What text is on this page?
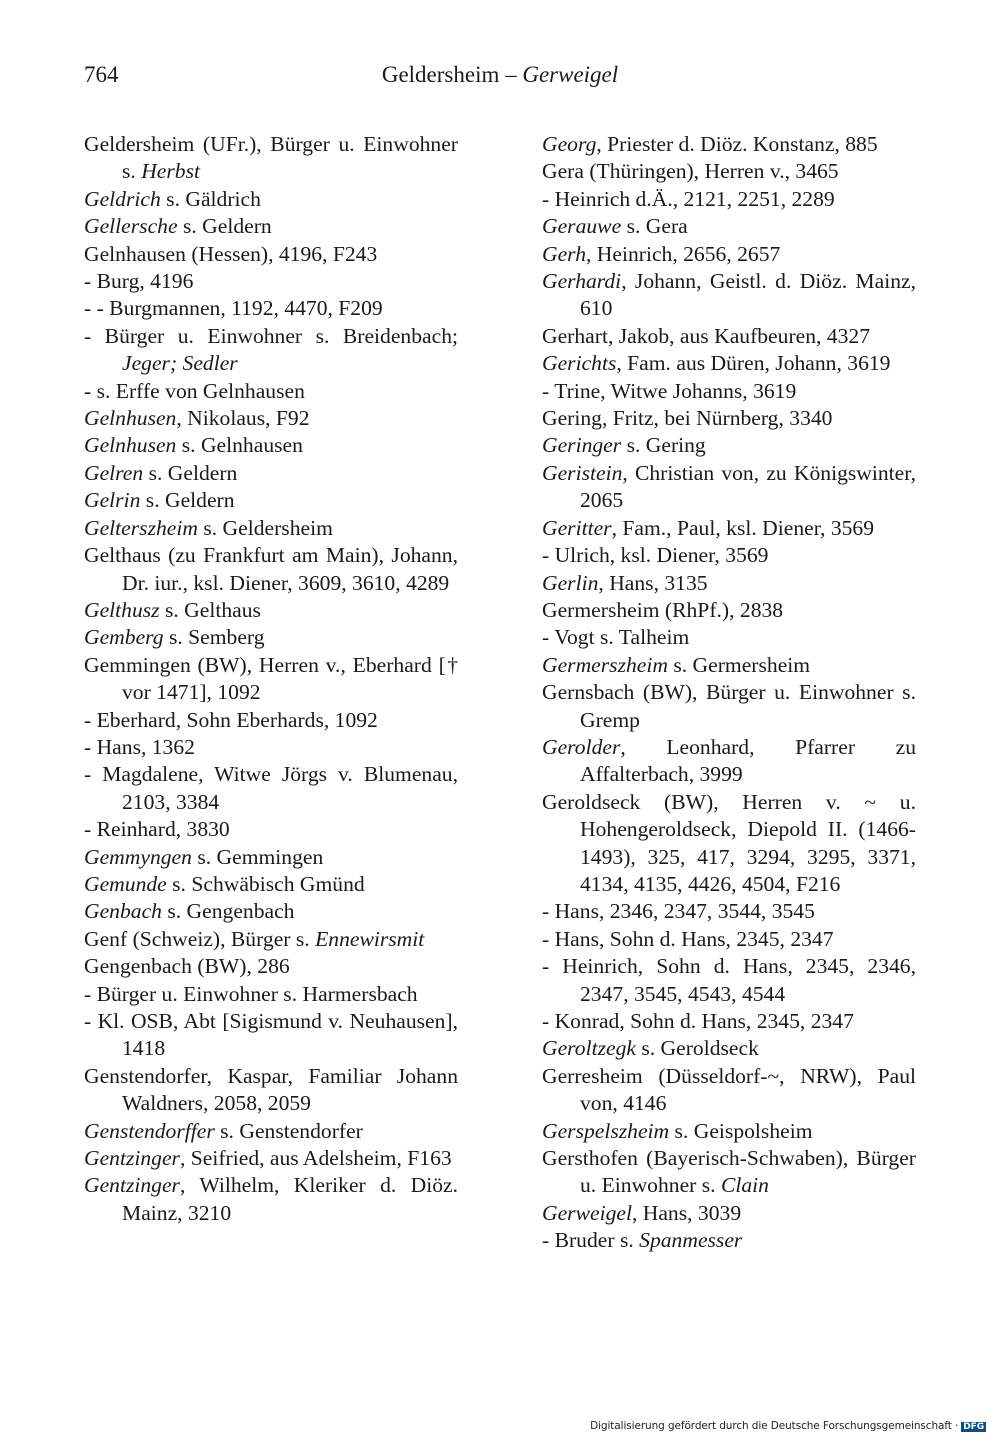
764	Geldersheim – Gerweigel

Geldersheim (UFr.), Bürger u. Einwohner s. Herbst

Geldrich s. Gäldrich

Gellersche s. Geldern

Gelnhausen (Hessen), 4196, F243

- Burg, 4196

- - Burgmannen, 1192, 4470, F209

- Bürger u. Einwohner s. Breidenbach; Jeger; Sedler

- s. Erffe von Gelnhausen

Gelnhusen, Nikolaus, F92

Gelnhusen s. Gelnhausen

Gelren s. Geldern

Gelrin s. Geldern

Gelterszheim s. Geldersheim

Gelthaus (zu Frankfurt am Main), Johann, Dr. iur., ksl. Diener, 3609, 3610, 4289

Gelthusz s. Gelthaus

Gemberg s. Semberg

Gemmingen (BW), Herren v., Eberhard [† vor 1471], 1092

- Eberhard, Sohn Eberhards, 1092

- Hans, 1362

- Magdalene, Witwe Jörgs v. Blumenau, 2103, 3384

- Reinhard, 3830

Gemmyngen s. Gemmingen

Gemunde s. Schwäbisch Gmünd

Genbach s. Gengenbach

Genf (Schweiz), Bürger s. Ennewirsmit

Gengenbach (BW), 286

- Bürger u. Einwohner s. Harmersbach

- Kl. OSB, Abt [Sigismund v. Neuhausen], 1418

Genstendorfer, Kaspar, Familiar Johann Waldners, 2058, 2059

Genstendorffer s. Genstendorfer

Gentzinger, Seifried, aus Adelsheim, F163

Gentzinger, Wilhelm, Kleriker d. Diöz. Mainz, 3210

Georg, Priester d. Diöz. Konstanz, 885

Gera (Thüringen), Herren v., 3465

- Heinrich d.Ä., 2121, 2251, 2289

Gerauwe s. Gera

Gerh, Heinrich, 2656, 2657

Gerhardi, Johann, Geistl. d. Diöz. Mainz, 610

Gerhart, Jakob, aus Kaufbeuren, 4327

Gerichts, Fam. aus Düren, Johann, 3619

- Trine, Witwe Johanns, 3619

Gering, Fritz, bei Nürnberg, 3340

Geringer s. Gering

Geristein, Christian von, zu Königswinter, 2065

Geritter, Fam., Paul, ksl. Diener, 3569

- Ulrich, ksl. Diener, 3569

Gerlin, Hans, 3135

Germersheim (RhPf.), 2838

- Vogt s. Talheim

Germerszheim s. Germersheim

Gernsbach (BW), Bürger u. Einwohner s. Gremp

Gerolder, Leonhard, Pfarrer zu Affalterbach, 3999

Geroldseck (BW), Herren v. ~ u. Hohengeroldseck, Diepold II. (1466-1493), 325, 417, 3294, 3295, 3371, 4134, 4135, 4426, 4504, F216

- Hans, 2346, 2347, 3544, 3545

- Hans, Sohn d. Hans, 2345, 2347

- Heinrich, Sohn d. Hans, 2345, 2346, 2347, 3545, 4543, 4544

- Konrad, Sohn d. Hans, 2345, 2347

Geroltzegk s. Geroldseck

Gerresheim (Düsseldorf-~, NRW), Paul von, 4146

Gerspelszheim s. Geispolsheim

Gersthofen (Bayerisch-Schwaben), Bürger u. Einwohner s. Clain

Gerweigel, Hans, 3039

- Bruder s. Spanmesser

Digitalisierung gefördert durch die Deutsche Forschungsgemeinschaft · DFG
